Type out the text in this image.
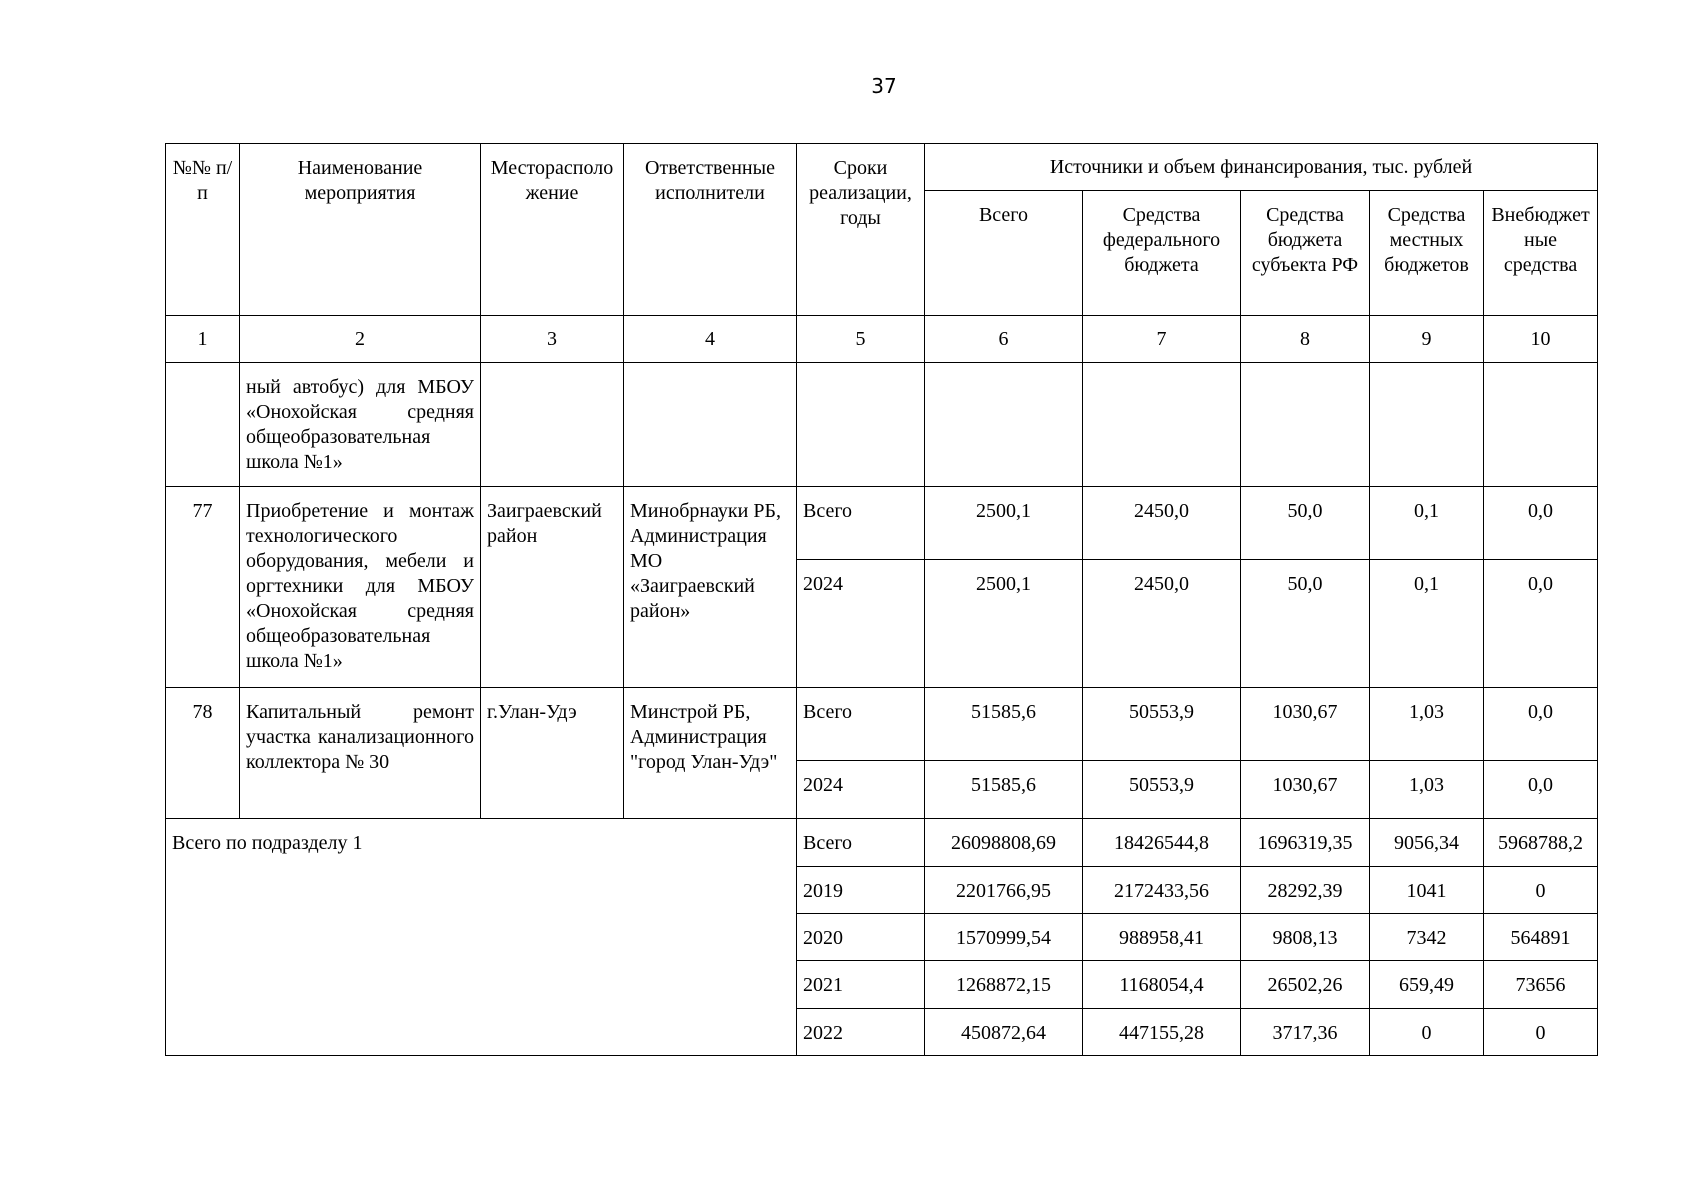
37
№№ п/п	Наименование мероприятия	Месторасположение	Ответственные исполнители	Сроки реализации, годы	Источники и объем финансирования, тыс. рублей				
					Всего	Средства федерального бюджета	Средства бюджета субъекта РФ	Средства местных бюджетов	Внебюджетные средства
1	2	3	4	5	6	7	8	9	10
	ный автобус) для МБОУ «Онохойская средняя общеобразовательная школа №1»								
77	Приобретение и монтаж технологического оборудования, мебели и оргтехники для МБОУ «Онохойская средняя общеобразовательная школа №1»	Заиграевский район	Минобрнауки РБ, Администрация МО «Заиграевский район»	Всего	2500,1	2450,0	50,0	0,1	0,0
				2024	2500,1	2450,0	50,0	0,1	0,0
78	Капитальный ремонт участка канализационного коллектора № 30	г.Улан-Удэ	Минстрой РБ, Администрация "город Улан-Удэ"	Всего	51585,6	50553,9	1030,67	1,03	0,0
				2024	51585,6	50553,9	1030,67	1,03	0,0
Всего по подразделу 1				Всего	26098808,69	18426544,8	1696319,35	9056,34	5968788,2
				2019	2201766,95	2172433,56	28292,39	1041	0
				2020	1570999,54	988958,41	9808,13	7342	564891
				2021	1268872,15	1168054,4	26502,26	659,49	73656
				2022	450872,64	447155,28	3717,36	0	0
